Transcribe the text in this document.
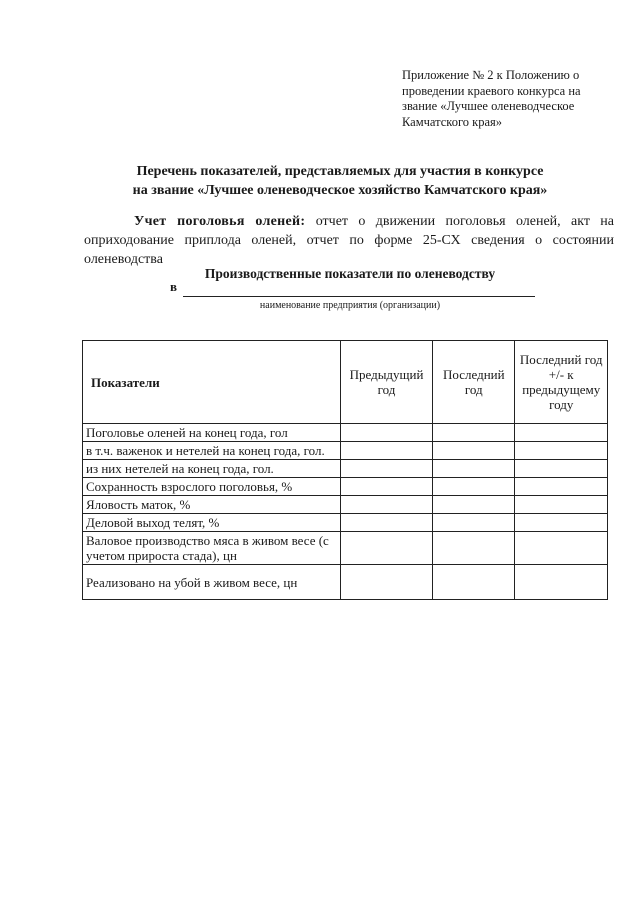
Приложение № 2 к Положению о
проведении краевого конкурса на
звание «Лучшее оленеводческое
Камчатского края»
Перечень показателей, представляемых для участия в конкурсе
на звание «Лучшее оленеводческое хозяйство Камчатского края»
Учет поголовья оленей: отчет о движении поголовья оленей, акт на оприходование приплода оленей, отчет по форме 25-СХ сведения о состоянии оленеводства
Производственные показатели по оленеводству
в
наименование предприятия (организации)
Показатели	Предыдущий год	Последний год	Последний год +/- к предыдущему году
Поголовье оленей на конец года, гол			
в т.ч. важенок и нетелей на конец года, гол.			
из них нетелей на конец года, гол.			
Сохранность взрослого поголовья, %			
Яловость маток, %			
Деловой выход телят, %			
Валовое производство мяса в живом весе (с учетом прироста стада), цн			
Реализовано на убой в живом весе, цн			
